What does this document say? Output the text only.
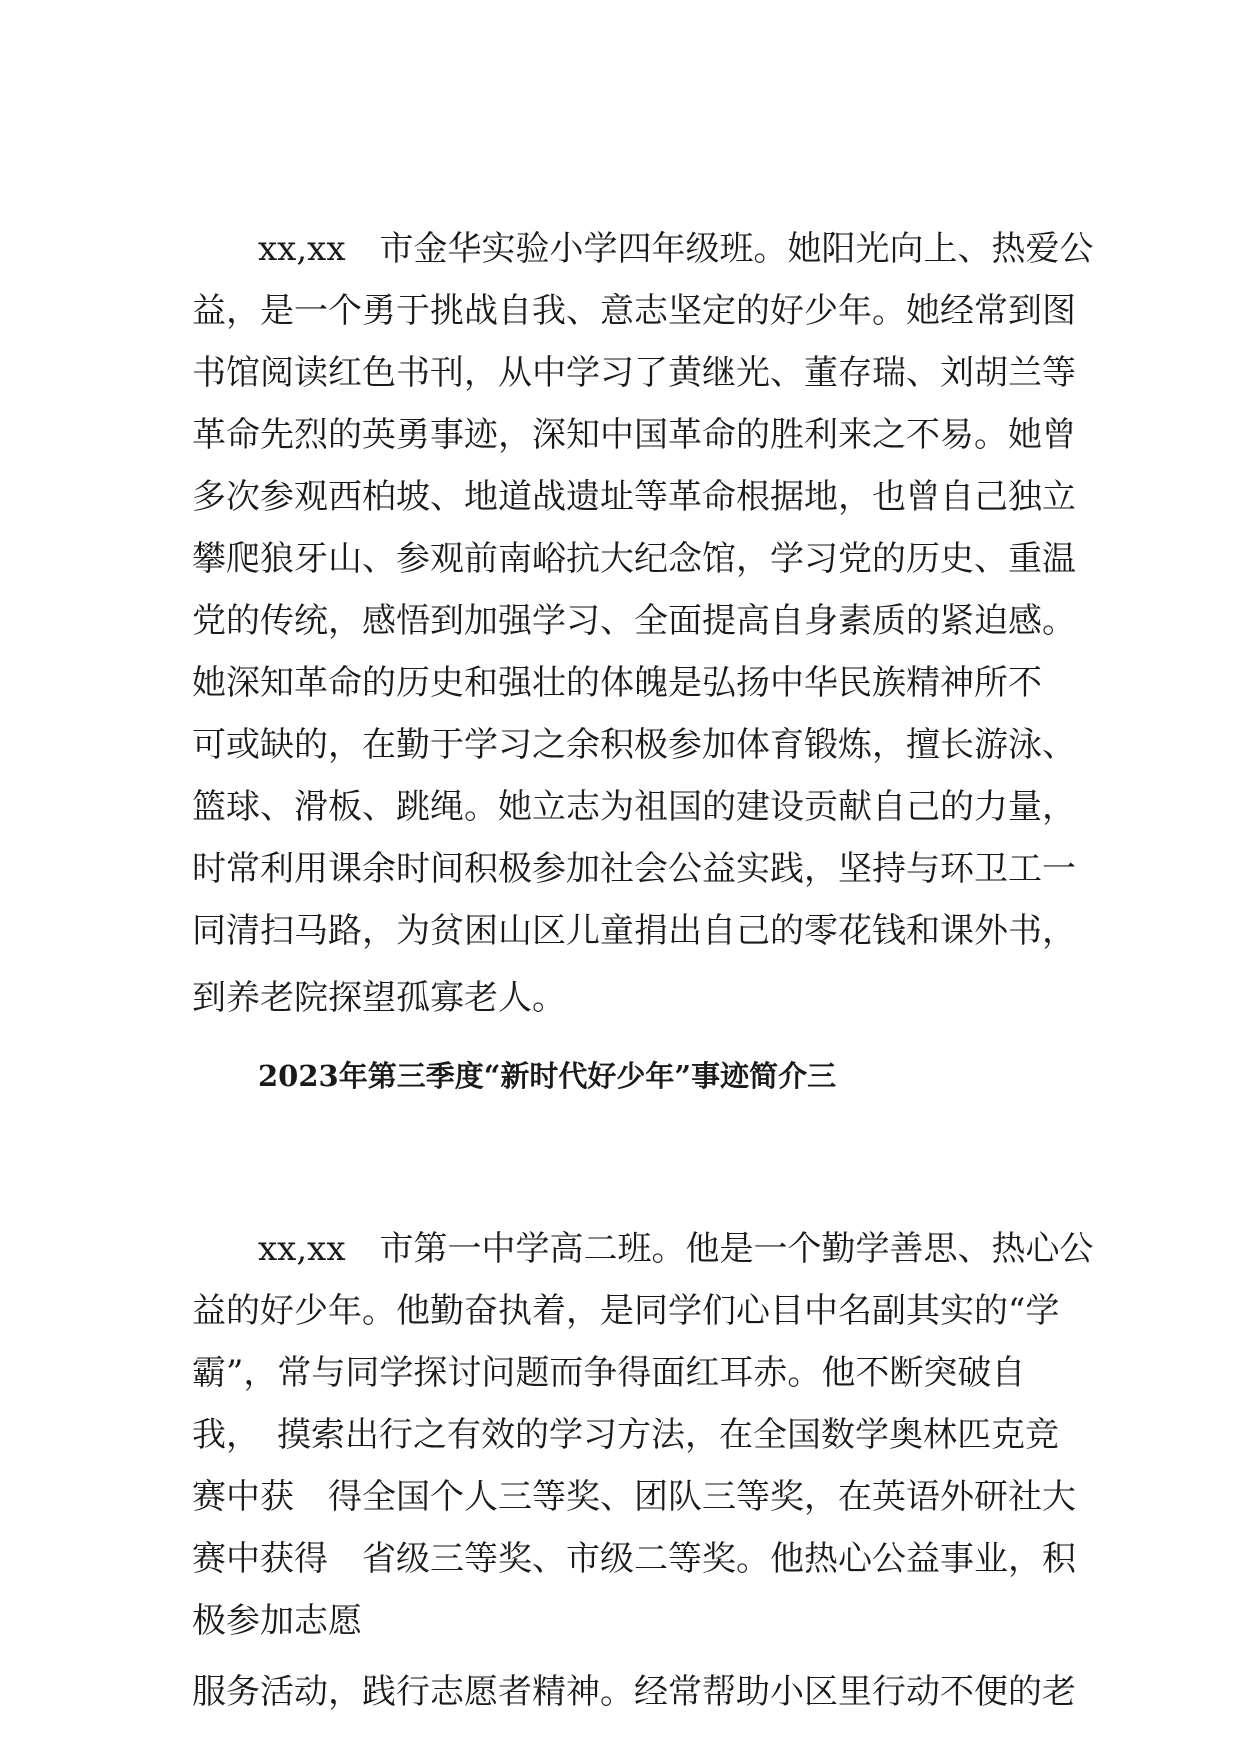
xx,xx　市金华实验小学四年级班。她阳光向上、热爱公

益，是一个勇于挑战自我、意志坚定的好少年。她经常到图

书馆阅读红色书刊，从中学习了黄继光、董存瑞、刘胡兰等

革命先烈的英勇事迹，深知中国革命的胜利来之不易。她曾

多次参观西柏坡、地道战遗址等革命根据地，也曾自己独立

攀爬狼牙山、参观前南峪抗大纪念馆，学习党的历史、重温

党的传统，感悟到加强学习、全面提高自身素质的紧迫感。

她深知革命的历史和强壮的体魄是弘扬中华民族精神所不

可或缺的，在勤于学习之余积极参加体育锻炼，擅长游泳、

篮球、滑板、跳绳。她立志为祖国的建设贡献自己的力量，

时常利用课余时间积极参加社会公益实践，坚持与环卫工一

同清扫马路，为贫困山区儿童捐出自己的零花钱和课外书，

到养老院探望孤寡老人。

2023年第三季度“新时代好少年”事迹简介三

xx,xx　市第一中学高二班。他是一个勤学善思、热心公

益的好少年。他勤奋执着，是同学们心目中名副其实的“学

霸”，常与同学探讨问题而争得面红耳赤。他不断突破自

我，　摸索出行之有效的学习方法，在全国数学奥林匹克竞

赛中获　得全国个人三等奖、团队三等奖，在英语外研社大

赛中获得　省级三等奖、市级二等奖。他热心公益事业，积

极参加志愿

服务活动，践行志愿者精神。经常帮助小区里行动不便的老
